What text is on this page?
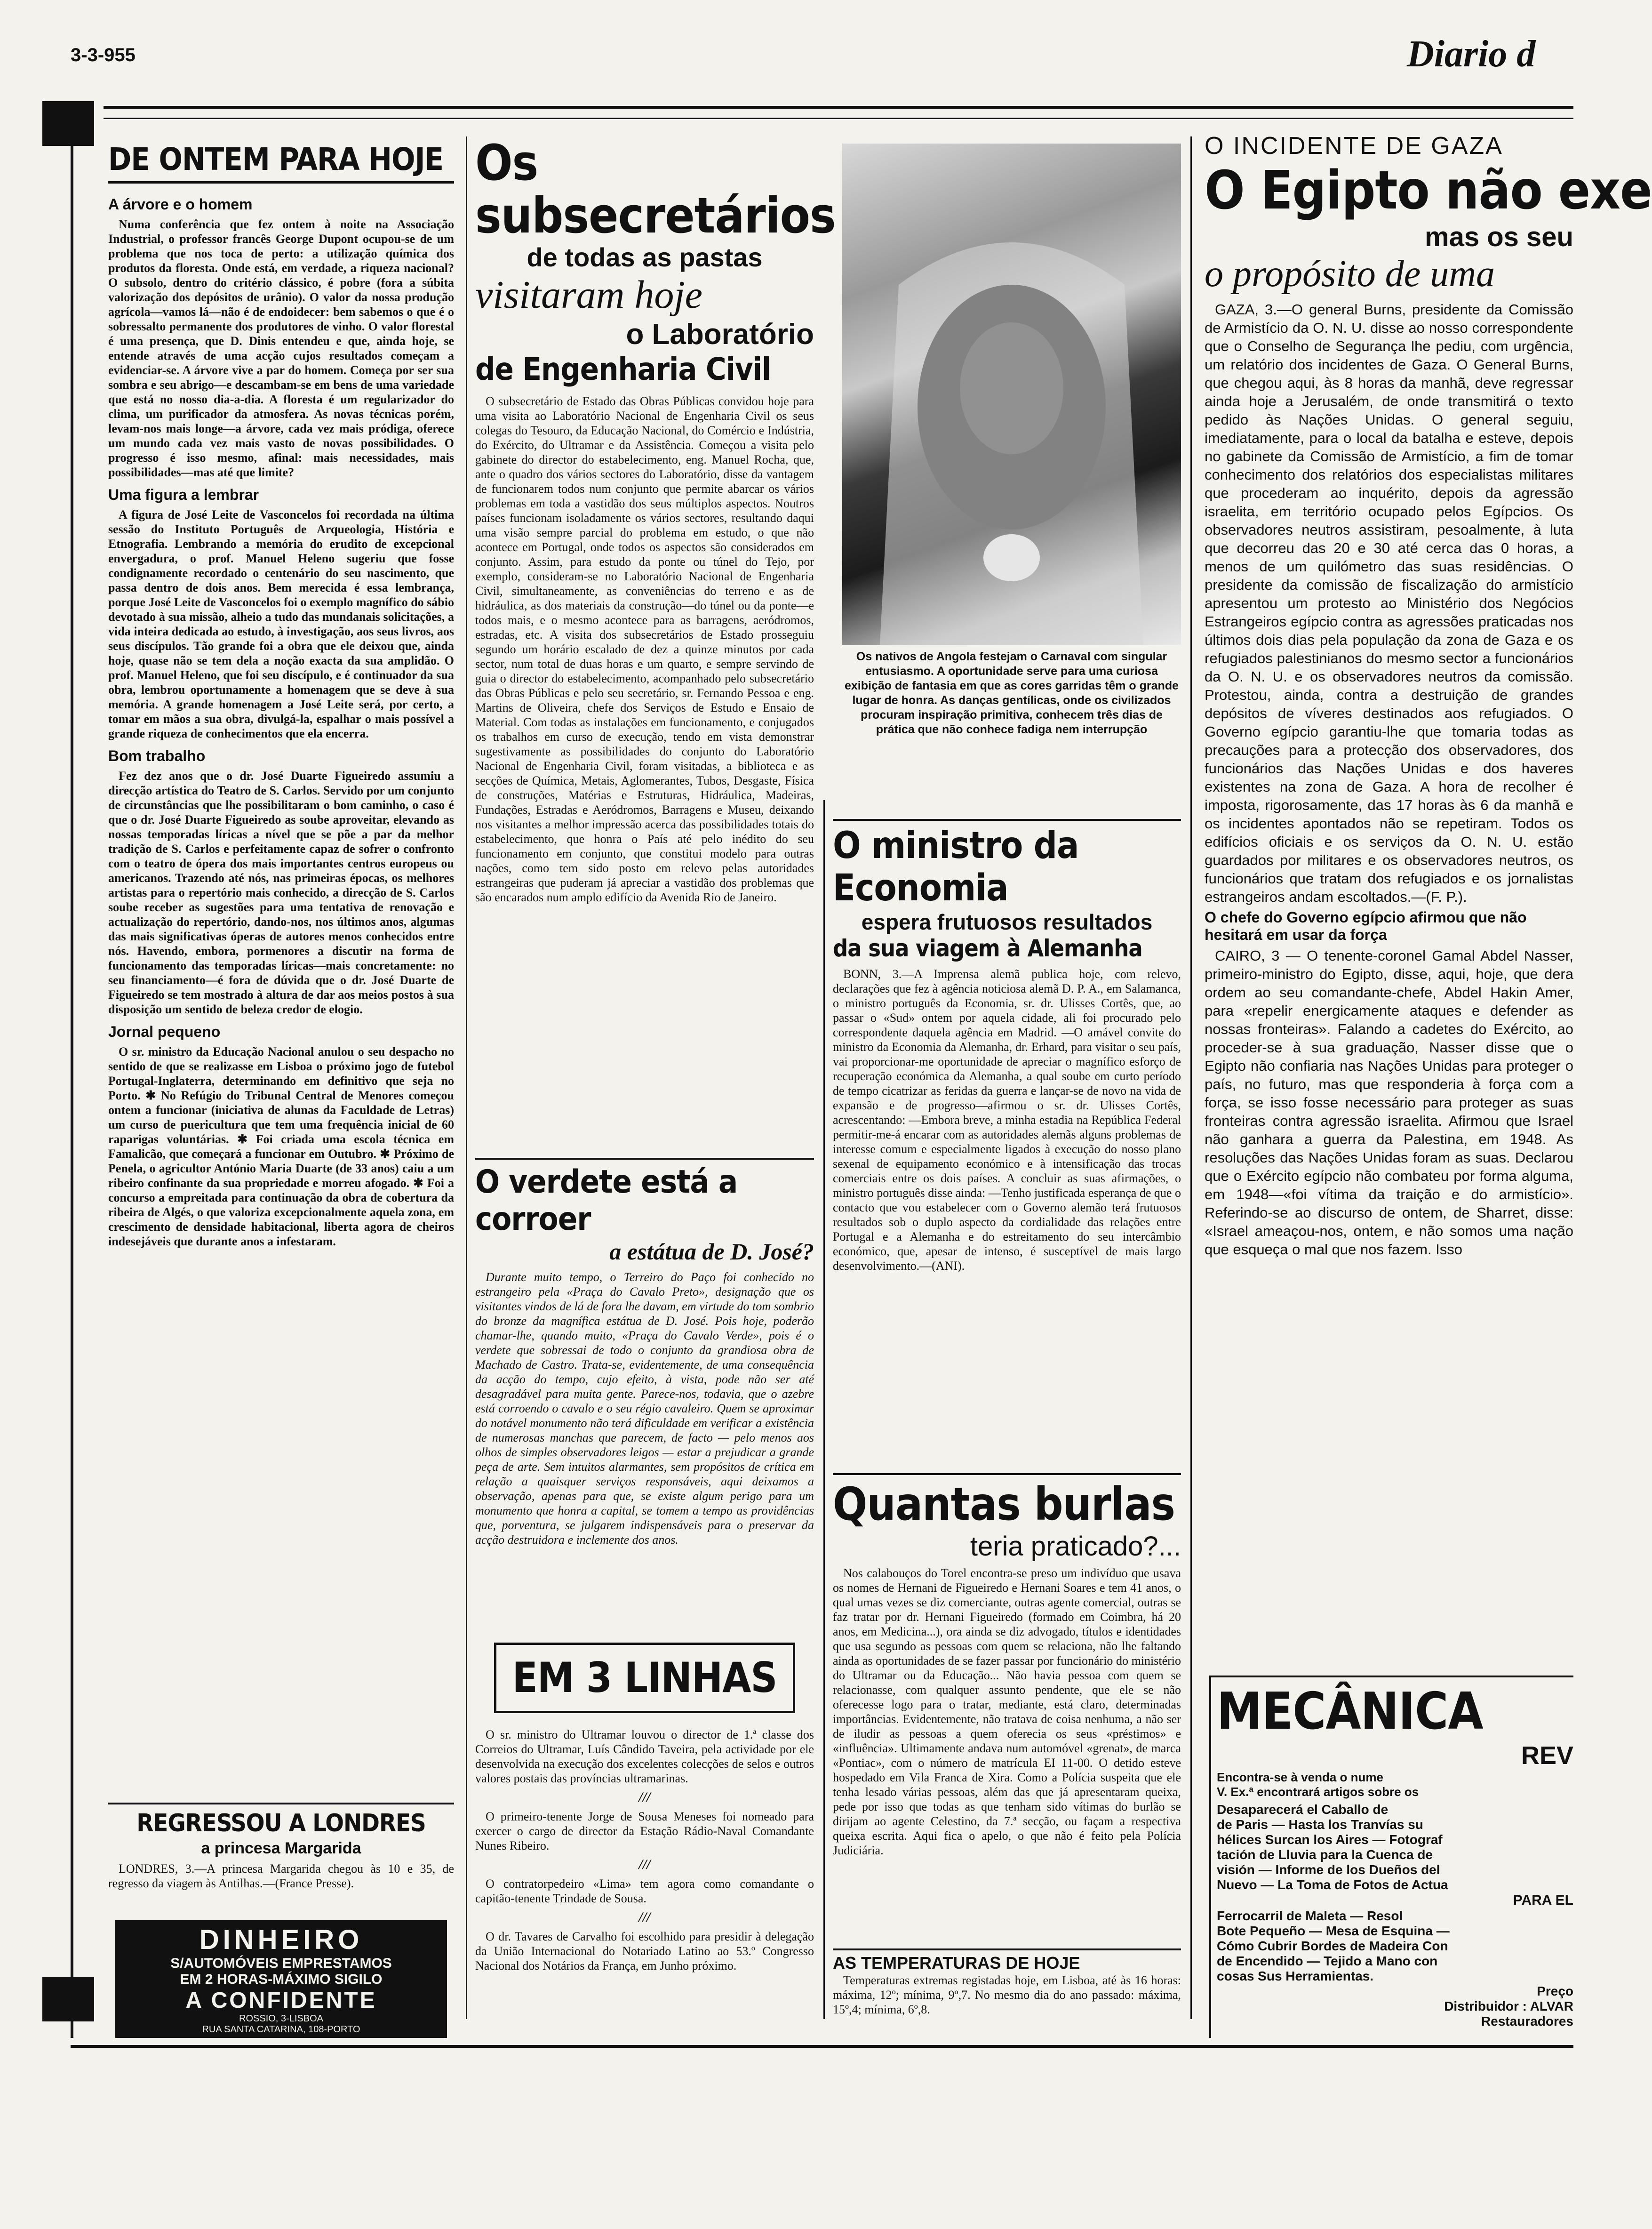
3-3-955	Diario d
DE ONTEM PARA HOJE
A árvore e o homem

Numa conferência que fez ontem à noite na Associação Industrial, o professor francês George Dupont ocupou-se de um problema que nos toca de perto: a utilização química dos produtos da floresta. Onde está, em verdade, a riqueza nacional? O subsolo, dentro do critério clássico, é pobre (fora a súbita valorização dos depósitos de urânio). O valor da nossa produção agrícola—vamos lá—não é de endoidecer: bem sabemos o que é o sobressalto permanente dos produtores de vinho. O valor florestal é uma presença, que D. Dinis entendeu e que, ainda hoje, se entende através de uma acção cujos resultados começam a evidenciar-se. A árvore vive a par do homem. Começa por ser sua sombra e seu abrigo—e descambam-se em bens de uma variedade que está no nosso dia-a-dia. A floresta é um regularizador do clima, um purificador da atmosfera. As novas técnicas porém, levam-nos mais longe—a árvore, cada vez mais pródiga, oferece um mundo cada vez mais vasto de novas possibilidades. O progresso é isso mesmo, afinal: mais necessidades, mais possibilidades—mas até que limite?

Uma figura a lembrar

A figura de José Leite de Vasconcelos foi recordada na última sessão do Instituto Português de Arqueologia, História e Etnografia. Lembrando a memória do erudito de excepcional envergadura, o prof. Manuel Heleno sugeriu que fosse condignamente recordado o centenário do seu nascimento, que passa dentro de dois anos. Bem merecida é essa lembrança, porque José Leite de Vasconcelos foi o exemplo magnífico do sábio devotado à sua missão, alheio a tudo das mundanais solicitações, a vida inteira dedicada ao estudo, à investigação, aos seus livros, aos seus discípulos. Tão grande foi a obra que ele deixou que, ainda hoje, quase não se tem dela a noção exacta da sua amplidão. O prof. Manuel Heleno, que foi seu discípulo, e é continuador da sua obra, lembrou oportunamente a homenagem que se deve à sua memória. A grande homenagem a José Leite será, por certo, a tomar em mãos a sua obra, divulgá-la, espalhar o mais possível a grande riqueza de conhecimentos que ela encerra.

Bom trabalho

Fez dez anos que o dr. José Duarte Figueiredo assumiu a direcção artística do Teatro de S. Carlos. Servido por um conjunto de circunstâncias que lhe possibilitaram o bom caminho, o caso é que o dr. José Duarte Figueiredo as soube aproveitar, elevando as nossas temporadas líricas a nível que se põe a par da melhor tradição de S. Carlos e perfeitamente capaz de sofrer o confronto com o teatro de ópera dos mais importantes centros europeus ou americanos. Trazendo até nós, nas primeiras épocas, os melhores artistas para o repertório mais conhecido, a direcção de S. Carlos soube receber as sugestões para uma tentativa de renovação e actualização do repertório, dando-nos, nos últimos anos, algumas das mais significativas óperas de autores menos conhecidos entre nós. Havendo, embora, pormenores a discutir na forma de funcionamento das temporadas líricas—mais concretamente: no seu financiamento—é fora de dúvida que o dr. José Duarte de Figueiredo se tem mostrado à altura de dar aos meios postos à sua disposição um sentido de beleza credor de elogio.

Jornal pequeno

O sr. ministro da Educação Nacional anulou o seu despacho no sentido de que se realizasse em Lisboa o próximo jogo de futebol Portugal-Inglaterra, determinando em definitivo que seja no Porto. ✱ No Refúgio do Tribunal Central de Menores começou ontem a funcionar (iniciativa de alunas da Faculdade de Letras) um curso de puericultura que tem uma frequência inicial de 60 raparigas voluntárias. ✱ Foi criada uma escola técnica em Famalicão, que começará a funcionar em Outubro. ✱ Próximo de Penela, o agricultor António Maria Duarte (de 33 anos) caiu a um ribeiro confinante da sua propriedade e morreu afogado. ✱ Foi a concurso a empreitada para continuação da obra de cobertura da ribeira de Algés, o que valoriza excepcionalmente aquela zona, em crescimento de densidade habitacional, liberta agora de cheiros indesejáveis que durante anos a infestaram.

REGRESSOU A LONDRES
a princesa Margarida

LONDRES, 3.—A princesa Margarida chegou às 10 e 35, de regresso da viagem às Antilhas.—(France Presse).

DINHEIRO
S/AUTOMÓVEIS EMPRESTAMOS
EM 2 HORAS-MÁXIMO SIGILO
A CONFIDENTE
ROSSIO, 3-LISBOA
RUA SANTA CATARINA, 108-PORTO
Os subsecretários
de todas as pastas
visitaram hoje
o Laboratório
de Engenharia Civil

O subsecretário de Estado das Obras Públicas convidou hoje para uma visita ao Laboratório Nacional de Engenharia Civil os seus colegas do Tesouro, da Educação Nacional, do Comércio e Indústria, do Exército, do Ultramar e da Assistência. Começou a visita pelo gabinete do director do estabelecimento, eng. Manuel Rocha, que, ante o quadro dos vários sectores do Laboratório, disse da vantagem de funcionarem todos num conjunto que permite abarcar os vários problemas em toda a vastidão dos seus múltiplos aspectos. Noutros países funcionam isoladamente os vários sectores, resultando daqui uma visão sempre parcial do problema em estudo, o que não acontece em Portugal, onde todos os aspectos são considerados em conjunto. Assim, para estudo da ponte ou túnel do Tejo, por exemplo, consideram-se no Laboratório Nacional de Engenharia Civil, simultaneamente, as conveniências do terreno e as de hidráulica, as dos materiais da construção—do túnel ou da ponte—e todos mais, e o mesmo acontece para as barragens, aeródromos, estradas, etc. A visita dos subsecretários de Estado prosseguiu segundo um horário escalado de dez a quinze minutos por cada sector, num total de duas horas e um quarto, e sempre servindo de guia o director do estabelecimento, acompanhado pelo subsecretário das Obras Públicas e pelo seu secretário, sr. Fernando Pessoa e eng. Martins de Oliveira, chefe dos Serviços de Estudo e Ensaio de Material. Com todas as instalações em funcionamento, e conjugados os trabalhos em curso de execução, tendo em vista demonstrar sugestivamente as possibilidades do conjunto do Laboratório Nacional de Engenharia Civil, foram visitadas, a biblioteca e as secções de Química, Metais, Aglomerantes, Tubos, Desgaste, Física de construções, Matérias e Estruturas, Hidráulica, Madeiras, Fundações, Estradas e Aeródromos, Barragens e Museu, deixando nos visitantes a melhor impressão acerca das possibilidades totais do estabelecimento, que honra o País até pelo inédito do seu funcionamento em conjunto, que constitui modelo para outras nações, como tem sido posto em relevo pelas autoridades estrangeiras que puderam já apreciar a vastidão dos problemas que são encarados num amplo edifício da Avenida Rio de Janeiro.

O verdete está a corroer
a estátua de D. José?

Durante muito tempo, o Terreiro do Paço foi conhecido no estrangeiro pela «Praça do Cavalo Preto», designação que os visitantes vindos de lá de fora lhe davam, em virtude do tom sombrio do bronze da magnífica estátua de D. José. Pois hoje, poderão chamar-lhe, quando muito, «Praça do Cavalo Verde», pois é o verdete que sobressai de todo o conjunto da grandiosa obra de Machado de Castro. Trata-se, evidentemente, de uma consequência da acção do tempo, cujo efeito, à vista, pode não ser até desagradável para muita gente. Parece-nos, todavia, que o azebre está corroendo o cavalo e o seu régio cavaleiro. Quem se aproximar do notável monumento não terá dificuldade em verificar a existência de numerosas manchas que parecem, de facto — pelo menos aos olhos de simples observadores leigos — estar a prejudicar a grande peça de arte. Sem intuitos alarmantes, sem propósitos de crítica em relação a quaisquer serviços responsáveis, aqui deixamos a observação, apenas para que, se existe algum perigo para um monumento que honra a capital, se tomem a tempo as providências que, porventura, se julgarem indispensáveis para o preservar da acção destruidora e inclemente dos anos.

EM 3 LINHAS

O sr. ministro do Ultramar louvou o director de 1.ª classe dos Correios do Ultramar, Luís Cândido Taveira, pela actividade por ele desenvolvida na execução dos excelentes colecções de selos e outros valores postais das províncias ultramarinas.

///

O primeiro-tenente Jorge de Sousa Meneses foi nomeado para exercer o cargo de director da Estação Rádio-Naval Comandante Nunes Ribeiro.

///

O contratorpedeiro «Lima» tem agora como comandante o capitão-tenente Trindade de Sousa.

///

O dr. Tavares de Carvalho foi escolhido para presidir à delegação da União Internacional do Notariado Latino ao 53.º Congresso Nacional dos Notários da França, em Junho próximo.

Os nativos de Angola festejam o Carnaval com singular entusiasmo. A oportunidade serve para uma curiosa exibição de fantasia em que as cores garridas têm o grande lugar de honra. As danças gentílicas, onde os civilizados procuram inspiração primitiva, conhecem três dias de prática que não conhece fadiga nem interrupção

O ministro da Economia
espera frutuosos resultados
da sua viagem à Alemanha

BONN, 3.—A Imprensa alemã publica hoje, com relevo, declarações que fez à agência noticiosa alemã D. P. A., em Salamanca, o ministro português da Economia, sr. dr. Ulisses Cortês, que, ao passar o «Sud» ontem por aquela cidade, ali foi procurado pelo correspondente daquela agência em Madrid. —O amável convite do ministro da Economia da Alemanha, dr. Erhard, para visitar o seu país, vai proporcionar-me oportunidade de apreciar o magnífico esforço de recuperação económica da Alemanha, a qual soube em curto período de tempo cicatrizar as feridas da guerra e lançar-se de novo na vida de expansão e de progresso—afirmou o sr. dr. Ulisses Cortês, acrescentando: —Embora breve, a minha estadia na República Federal permitir-me-á encarar com as autoridades alemãs alguns problemas de interesse comum e especialmente ligados à execução do nosso plano sexenal de equipamento económico e à intensificação das trocas comerciais entre os dois países. A concluir as suas afirmações, o ministro português disse ainda: —Tenho justificada esperança de que o contacto que vou estabelecer com o Governo alemão terá frutuosos resultados sob o duplo aspecto da cordialidade das relações entre Portugal e a Alemanha e do estreitamento do seu intercâmbio económico, que, apesar de intenso, é susceptível de mais largo desenvolvimento.—(ANI).

Quantas burlas
teria praticado?...

Nos calabouços do Torel encontra-se preso um indivíduo que usava os nomes de Hernani de Figueiredo e Hernani Soares e tem 41 anos, o qual umas vezes se diz comerciante, outras agente comercial, outras se faz tratar por dr. Hernani Figueiredo (formado em Coimbra, há 20 anos, em Medicina...), ora ainda se diz advogado, títulos e identidades que usa segundo as pessoas com quem se relaciona, não lhe faltando ainda as oportunidades de se fazer passar por funcionário do ministério do Ultramar ou da Educação... Não havia pessoa com quem se relacionasse, com qualquer assunto pendente, que ele se não oferecesse logo para o tratar, mediante, está claro, determinadas importâncias. Evidentemente, não tratava de coisa nenhuma, a não ser de iludir as pessoas a quem oferecia os seus «préstimos» e «influência». Ultimamente andava num automóvel «grenat», de marca «Pontiac», com o número de matrícula EI 11-00. O detido esteve hospedado em Vila Franca de Xira. Como a Polícia suspeita que ele tenha lesado várias pessoas, além das que já apresentaram queixa, pede por isso que todas as que tenham sido vítimas do burlão se dirijam ao agente Celestino, da 7.ª secção, ou façam a respectiva queixa escrita. Aqui fica o apelo, o que não é feito pela Polícia Judiciária.

AS TEMPERATURAS DE HOJE

Temperaturas extremas registadas hoje, em Lisboa, até às 16 horas: máxima, 12º; mínima, 9º,7. No mesmo dia do ano passado: máxima, 15º,4; mínima, 6º,8.

O INCIDENTE DE GAZA
O Egipto não exe
mas os seu
o propósito de uma

GAZA, 3.—O general Burns, presidente da Comissão de Armistício da O. N. U. disse ao nosso correspondente que o Conselho de Segurança lhe pediu, com urgência, um relatório dos incidentes de Gaza. O General Burns, que chegou aqui, às 8 horas da manhã, deve regressar ainda hoje a Jerusalém, de onde transmitirá o texto pedido às Nações Unidas. O general seguiu, imediatamente, para o local da batalha e esteve, depois no gabinete da Comissão de Armistício, a fim de tomar conhecimento dos relatórios dos especialistas militares que procederam ao inquérito, depois da agressão israelita, em território ocupado pelos Egípcios. Os observadores neutros assistiram, pesoalmente, à luta que decorreu das 20 e 30 até cerca das 0 horas, a menos de um quilómetro das suas residências. O presidente da comissão de fiscalização do armistício apresentou um protesto ao Ministério dos Negócios Estrangeiros egípcio contra as agressões praticadas nos últimos dois dias pela população da zona de Gaza e os refugiados palestinianos do mesmo sector a funcionários da O. N. U. e os observadores neutros da comissão. Protestou, ainda, contra a destruição de grandes depósitos de víveres destinados aos refugiados. O Governo egípcio garantiu-lhe que tomaria todas as precauções para a protecção dos observadores, dos funcionários das Nações Unidas e dos haveres existentes na zona de Gaza. A hora de recolher é imposta, rigorosamente, das 17 horas às 6 da manhã e os incidentes apontados não se repetiram. Todos os edifícios oficiais e os serviços da O. N. U. estão guardados por militares e os observadores neutros, os funcionários que tratam dos refugiados e os jornalistas estrangeiros andam escoltados.—(F. P.).

O chefe do Governo egípcio afirmou que não hesitará em usar da força

CAIRO, 3 — O tenente-coronel Gamal Abdel Nasser, primeiro-ministro do Egipto, disse, aqui, hoje, que dera ordem ao seu comandante-chefe, Abdel Hakin Amer, para «repelir energicamente ataques e defender as nossas fronteiras». Falando a cadetes do Exército, ao proceder-se à sua graduação, Nasser disse que o Egipto não confiaria nas Nações Unidas para proteger o país, no futuro, mas que responderia à força com a força, se isso fosse necessário para proteger as suas fronteiras contra agressão israelita. Afirmou que Israel não ganhara a guerra da Palestina, em 1948. As resoluções das Nações Unidas foram as suas. Declarou que o Exército egípcio não combateu por forma alguma, em 1948—«foi vítima da traição e do armistício». Referindo-se ao discurso de ontem, de Sharret, disse: «Israel ameaçou-nos, ontem, e não somos uma nação que esqueça o mal que nos fazem. Isso

MECÂNICA
REV
Encontra-se à venda o nume
V. Ex.ª encontrará artigos sobre os
Desaparecerá el Caballo de
de Paris — Hasta los Tranvías su
hélices Surcan los Aires — Fotograf
tación de Lluvia para la Cuenca de
visión — Informe de los Dueños del
Nuevo — La Toma de Fotos de Actua
PARA EL
Ferrocarril de Maleta — Resol
Bote Pequeño — Mesa de Esquina —
Cómo Cubrir Bordes de Madeira Con
de Encendido — Tejido a Mano con
cosas Sus Herramientas.
Preço
Distribuidor : ALVAR
Restauradores
